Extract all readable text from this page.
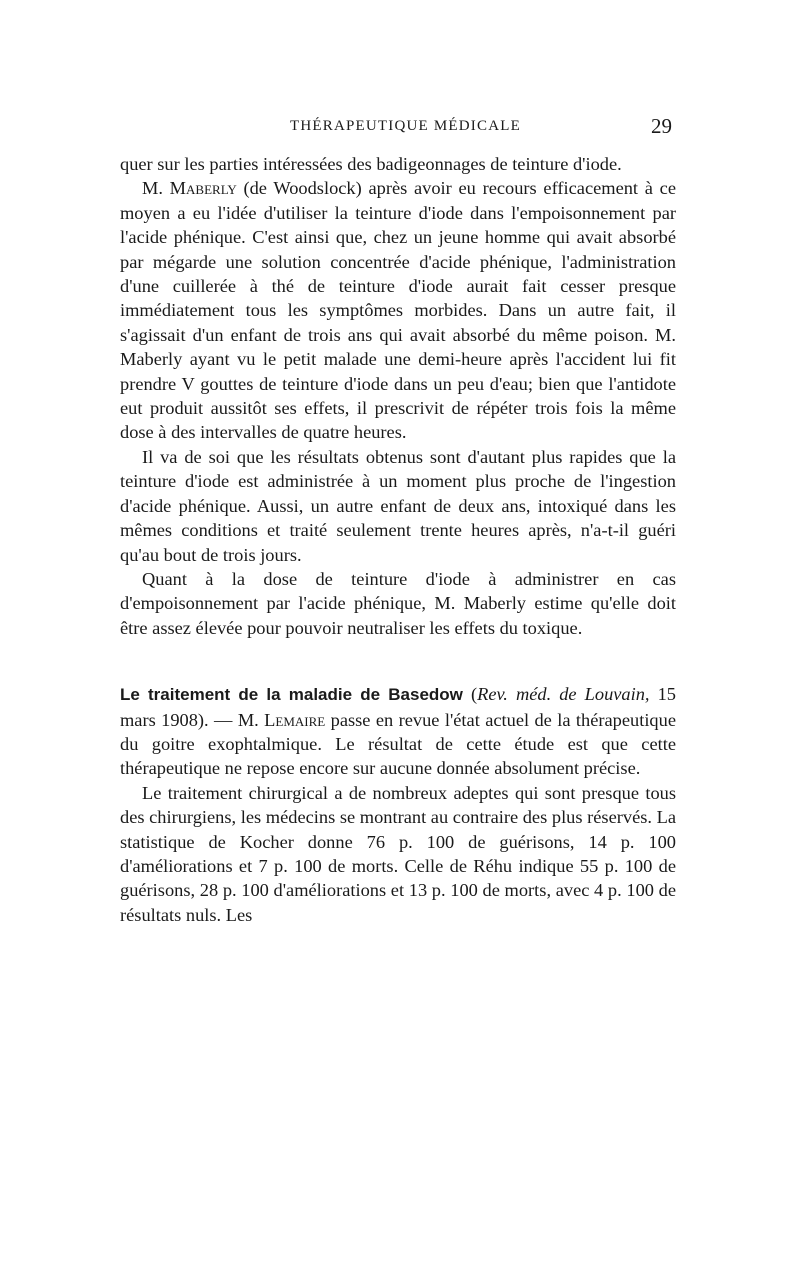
THÉRAPEUTIQUE MÉDICALE	29

quer sur les parties intéressées des badigeonnages de teinture d'iode.

M. Maberly (de Woodslock) après avoir eu recours efficacement à ce moyen a eu l'idée d'utiliser la teinture d'iode dans l'empoisonnement par l'acide phénique. C'est ainsi que, chez un jeune homme qui avait absorbé par mégarde une solution concentrée d'acide phénique, l'administration d'une cuillerée à thé de teinture d'iode aurait fait cesser presque immédiatement tous les symptômes morbides. Dans un autre fait, il s'agissait d'un enfant de trois ans qui avait absorbé du même poison. M. Maberly ayant vu le petit malade une demi-heure après l'accident lui fit prendre V gouttes de teinture d'iode dans un peu d'eau; bien que l'antidote eut produit aussitôt ses effets, il prescrivit de répéter trois fois la même dose à des intervalles de quatre heures.

Il va de soi que les résultats obtenus sont d'autant plus rapides que la teinture d'iode est administrée à un moment plus proche de l'ingestion d'acide phénique. Aussi, un autre enfant de deux ans, intoxiqué dans les mêmes conditions et traité seulement trente heures après, n'a-t-il guéri qu'au bout de trois jours.

Quant à la dose de teinture d'iode à administrer en cas d'empoisonnement par l'acide phénique, M. Maberly estime qu'elle doit être assez élevée pour pouvoir neutraliser les effets du toxique.

Le traitement de la maladie de Basedow (Rev. méd. de Louvain, 15 mars 1908). — M. Lemaire passe en revue l'état actuel de la thérapeutique du goitre exophtalmique. Le résultat de cette étude est que cette thérapeutique ne repose encore sur aucune donnée absolument précise.

Le traitement chirurgical a de nombreux adeptes qui sont presque tous des chirurgiens, les médecins se montrant au contraire des plus réservés. La statistique de Kocher donne 76 p. 100 de guérisons, 14 p. 100 d'améliorations et 7 p. 100 de morts. Celle de Réhu indique 55 p. 100 de guérisons, 28 p. 100 d'améliorations et 13 p. 100 de morts, avec 4 p. 100 de résultats nuls. Les
